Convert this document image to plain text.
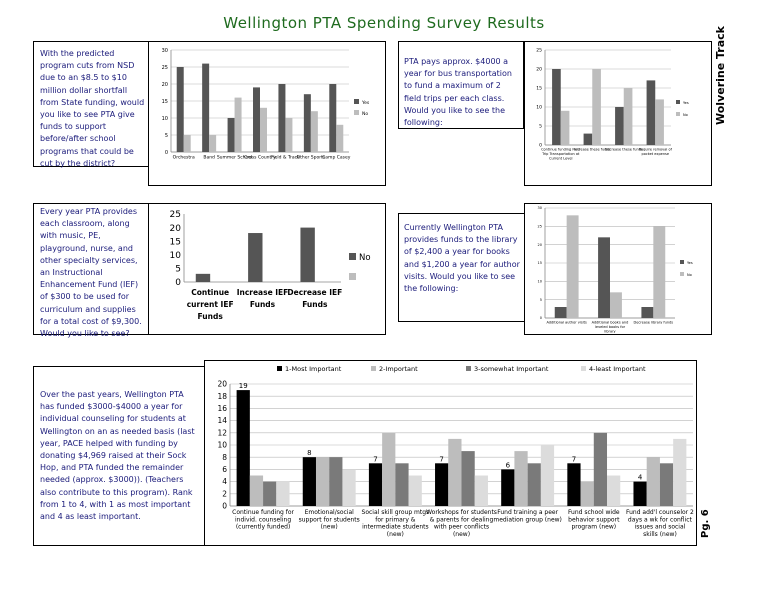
Wellington PTA Spending Survey Results
With the predicted program cuts from NSD due to an $8.5 to $10 million dollar shortfall from State funding, would you like to see PTA give funds to support before/after school programs that could be cut by the district?
0
5
10
15
20
25
30
Orchestra Band Summer School
Cross Country
Field & Track
Other Sports
Camp Casey
Yes
No
PTA pays approx. $4000 a year for bus transportation to fund a maximum of 2 field trips per each class. Would you like to see the following:
0
5
10
15
20
25
Continue funding Field Trip Transportation at Current Level
Increase these funds
Decrease these funds
Require removal of pocket expense
Yes
No Wolverine Track
Every year PTA provides each classroom, along with music, PE, playground, nurse, and other specialty services, an Instructional Enhancement Fund (IEF) of $300 to be used for curriculum and supplies for a total cost of $9,300. Would you like to see?
0
5
10
15
20
25
Continue current IEF Funds
Increase IEF Funds
Decrease IEF Funds
No
Currently Wellington PTA provides funds to the library of $2,400 a year for books and $1,200 a year for author visits. Would you like to see the following:
0
5
10
15
20
25
30
Additional author visits Additional books and leveled books for library
Decrease library funds
Yes
No
Over the past years, Wellington PTA has funded $3000-$4000 a year for individual counseling for students at Wellington on an as needed basis (last year, PACE helped with funding by donating $4,969 raised at their Sock Hop, and PTA funded the remainder needed (approx. $3000)). (Teachers also contribute to this program). Rank from 1 to 4, with 1 as most important and 4 as least important.
0
2
4
6
8
10
12
14
16
18
20 19
Continue funding for individ. counseling (currently funded)
8
Emotional/social support for students (new)
7
Social skill group mtgs for primary & intermediate students (new)
7
Workshops for students & parents for dealing with peer conflicts (new)
6
Fund training a peer mediation group (new)
7
Fund school wide behavior support program (new)
4
Fund add'l counselor 2 days a wk for conflict issues and social skills (new)
1-Most Important	2-Important	3-somewhat Important	4-least Important
Pg. 6
